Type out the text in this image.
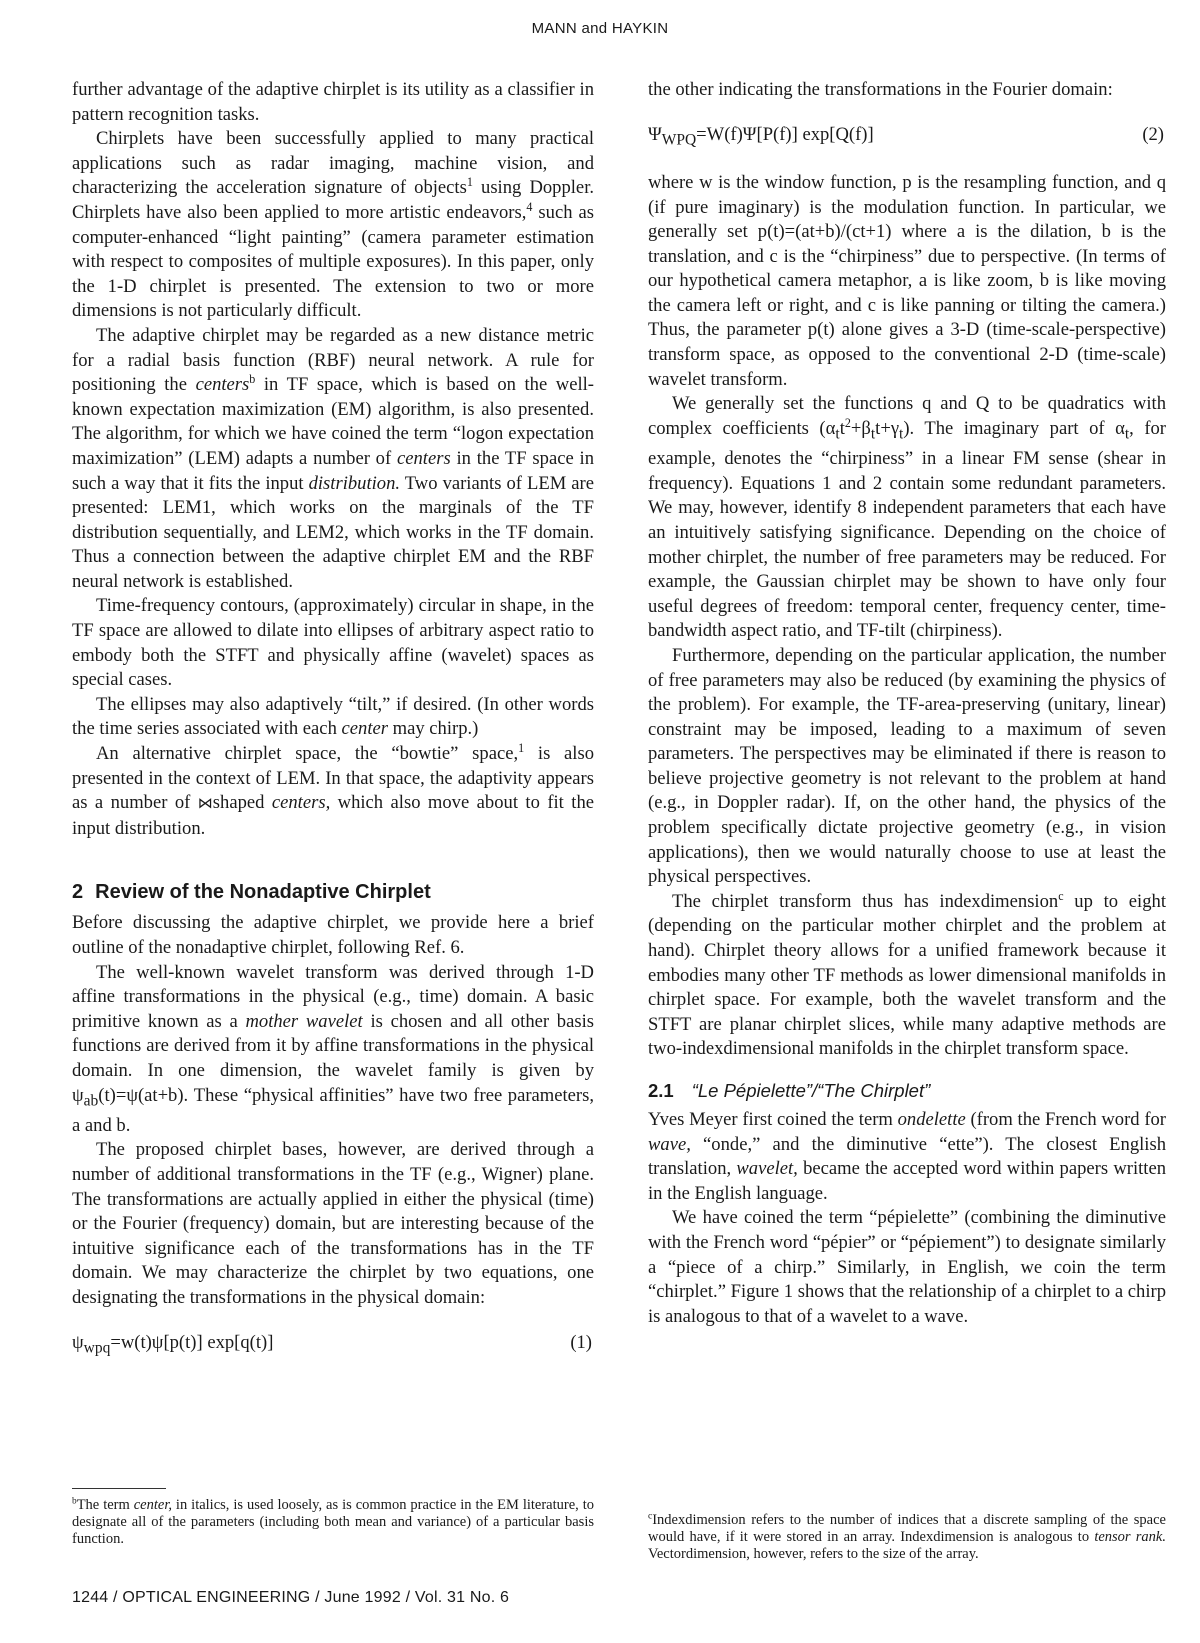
MANN and HAYKIN

further advantage of the adaptive chirplet is its utility as a classifier in pattern recognition tasks.

Chirplets have been successfully applied to many practical applications such as radar imaging, machine vision, and characterizing the acceleration signature of objects$^1$ using Doppler. Chirplets have also been applied to more artistic endeavors,$^4$ such as computer-enhanced “light painting” (camera parameter estimation with respect to composites of multiple exposures). In this paper, only the 1-D chirplet is presented. The extension to two or more dimensions is not particularly difficult.

The adaptive chirplet may be regarded as a new distance metric for a radial basis function (RBF) neural network. A rule for positioning the centers$^b$ in TF space, which is based on the well-known expectation maximization (EM) algorithm, is also presented. The algorithm, for which we have coined the term “logon expectation maximization” (LEM) adapts a number of centers in the TF space in such a way that it fits the input distribution. Two variants of LEM are presented: LEM1, which works on the marginals of the TF distribution sequentially, and LEM2, which works in the TF domain. Thus a connection between the adaptive chirplet EM and the RBF neural network is established.

Time-frequency contours, (approximately) circular in shape, in the TF space are allowed to dilate into ellipses of arbitrary aspect ratio to embody both the STFT and physically affine (wavelet) spaces as special cases.

The ellipses may also adaptively “tilt,” if desired. (In other words the time series associated with each center may chirp.)

An alternative chirplet space, the “bowtie” space,$^1$ is also presented in the context of LEM. In that space, the adaptivity appears as a number of ⋈shaped centers, which also move about to fit the input distribution.

2 Review of the Nonadaptive Chirplet

Before discussing the adaptive chirplet, we provide here a brief outline of the nonadaptive chirplet, following Ref. 6.

The well-known wavelet transform was derived through 1-D affine transformations in the physical (e.g., time) domain. A basic primitive known as a mother wavelet is chosen and all other basis functions are derived from it by affine transformations in the physical domain. In one dimension, the wavelet family is given by $\psi_{ab}(t)=\psi(at+b)$. These “physical affinities” have two free parameters, a and b.

The proposed chirplet bases, however, are derived through a number of additional transformations in the TF (e.g., Wigner) plane. The transformations are actually applied in either the physical (time) or the Fourier (frequency) domain, but are interesting because of the intuitive significance each of the transformations has in the TF domain. We may characterize the chirplet by two equations, one designating the transformations in the physical domain:

$\psi_{wpq}=w(t)\psi[p(t)]$ exp[q(t)]	(1)
$^b$The term center, in italics, is used loosely, as is common practice in the EM literature, to designate all of the parameters (including both mean and variance) of a particular basis function.

the other indicating the transformations in the Fourier domain:

$\Psi_{WPQ}=W(f)\Psi[P(f)]$ exp[Q(f)]	(2)

where w is the window function, p is the resampling function, and q (if pure imaginary) is the modulation function. In particular, we generally set p(t)=(at+b)/(ct+1) where a is the dilation, b is the translation, and c is the “chirpiness” due to perspective. (In terms of our hypothetical camera metaphor, a is like zoom, b is like moving the camera left or right, and c is like panning or tilting the camera.) Thus, the parameter p(t) alone gives a 3-D (time-scale-perspective) transform space, as opposed to the conventional 2-D (time-scale) wavelet transform.

We generally set the functions q and Q to be quadratics with complex coefficients $(\alpha_tt^2+\beta_tt+\gamma_t)$. The imaginary part of $\alpha_t$, for example, denotes the “chirpiness” in a linear FM sense (shear in frequency). Equations 1 and 2 contain some redundant parameters. We may, however, identify 8 independent parameters that each have an intuitively satisfying significance. Depending on the choice of mother chirplet, the number of free parameters may be reduced. For example, the Gaussian chirplet may be shown to have only four useful degrees of freedom: temporal center, frequency center, time-bandwidth aspect ratio, and TF-tilt (chirpiness).

Furthermore, depending on the particular application, the number of free parameters may also be reduced (by examining the physics of the problem). For example, the TF-area-preserving (unitary, linear) constraint may be imposed, leading to a maximum of seven parameters. The perspectives may be eliminated if there is reason to believe projective geometry is not relevant to the problem at hand (e.g., in Doppler radar). If, on the other hand, the physics of the problem specifically dictate projective geometry (e.g., in vision applications), then we would naturally choose to use at least the physical perspectives.

The chirplet transform thus has indexdimension$^c$ up to eight (depending on the particular mother chirplet and the problem at hand). Chirplet theory allows for a unified framework because it embodies many other TF methods as lower dimensional manifolds in chirplet space. For example, both the wavelet transform and the STFT are planar chirplet slices, while many adaptive methods are two-indexdimensional manifolds in the chirplet transform space.

2.1 “Le Pépielette”/“The Chirplet”

Yves Meyer first coined the term ondelette (from the French word for wave, “onde,” and the diminutive “ette”). The closest English translation, wavelet, became the accepted word within papers written in the English language.

We have coined the term “pépielette” (combining the diminutive with the French word “pépier” or “pépiement”) to designate similarly a “piece of a chirp.” Similarly, in English, we coin the term “chirplet.” Figure 1 shows that the relationship of a chirplet to a chirp is analogous to that of a wavelet to a wave.

$^c$Indexdimension refers to the number of indices that a discrete sampling of the space would have, if it were stored in an array. Indexdimension is analogous to tensor rank. Vectordimension, however, refers to the size of the array.
1244 / OPTICAL ENGINEERING / June 1992 / Vol. 31 No. 6
